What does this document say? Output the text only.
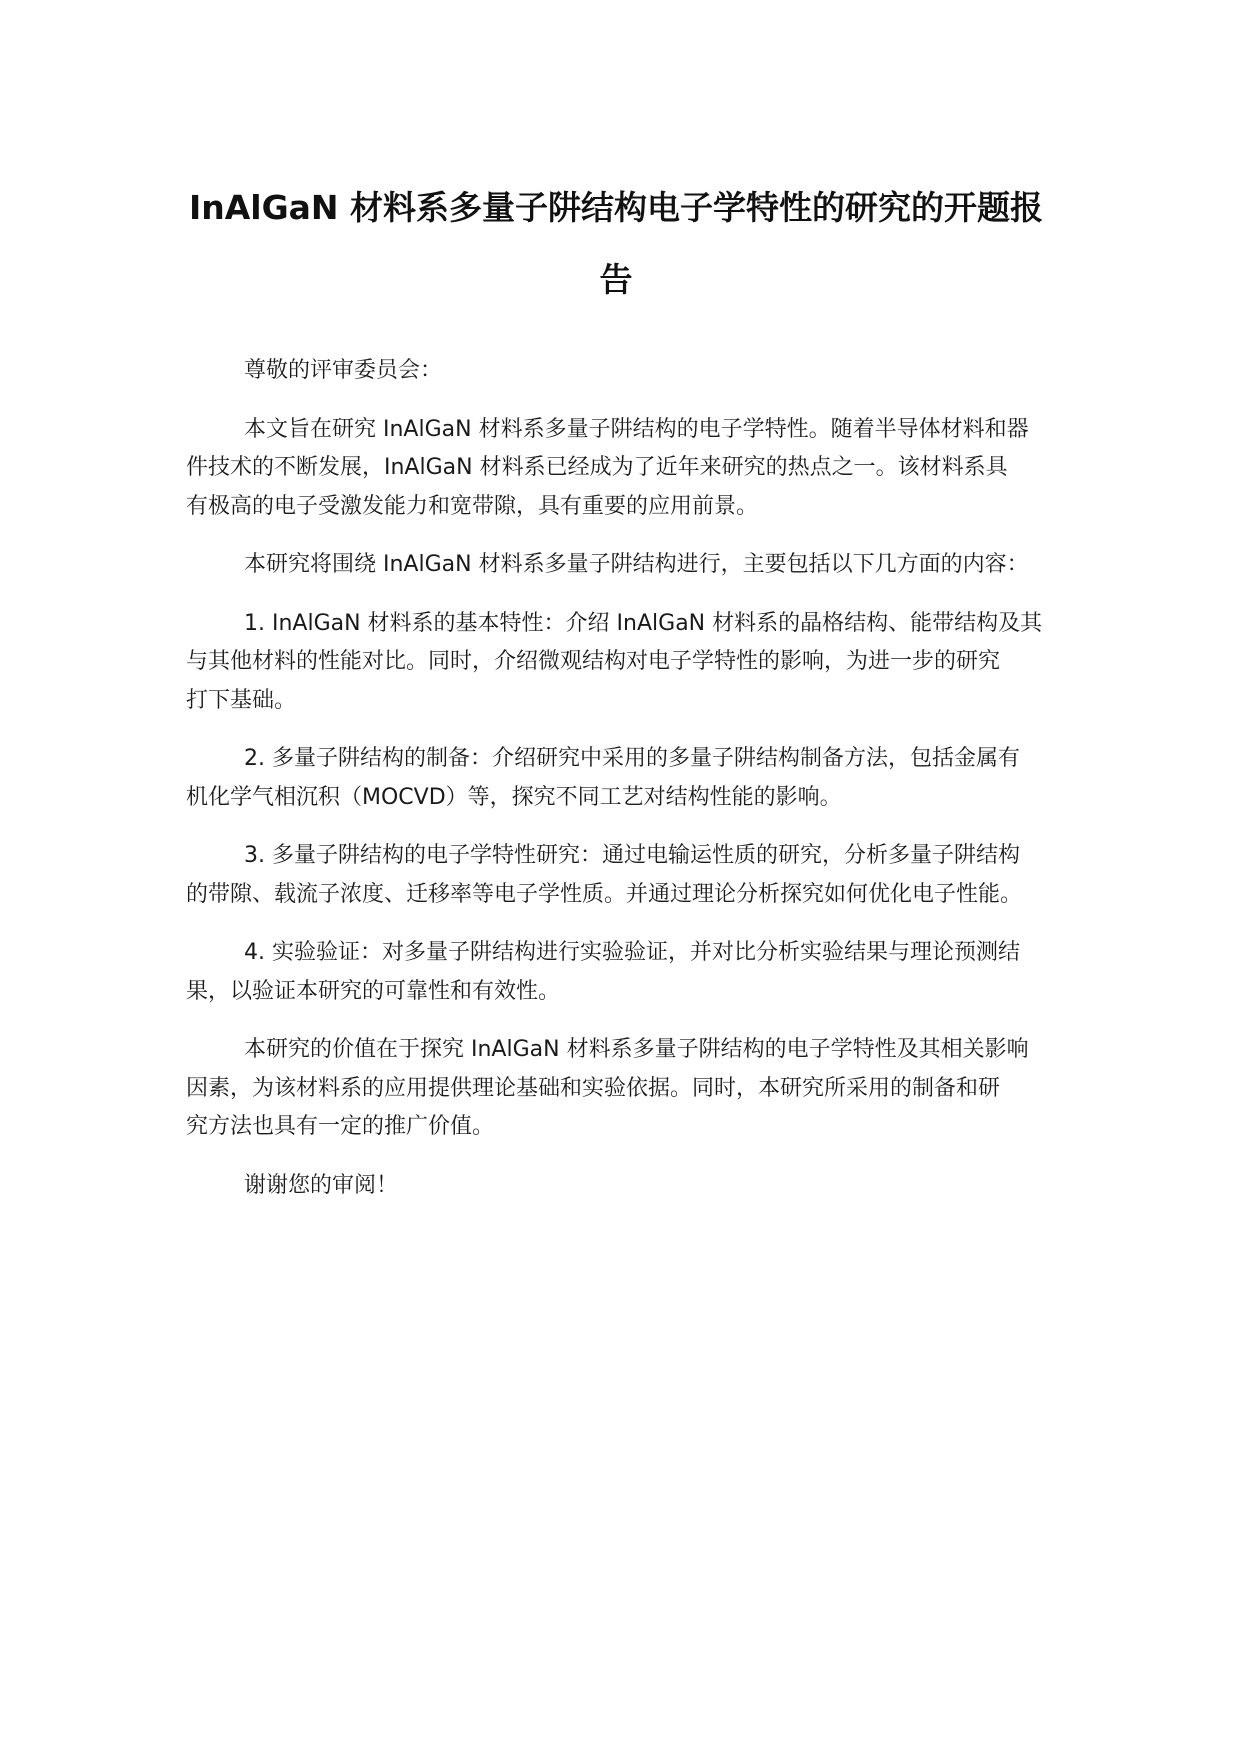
InAlGaN 材料系多量子阱结构电子学特性的研究的开题报告

尊敬的评审委员会：

本文旨在研究 InAlGaN 材料系多量子阱结构的电子学特性。随着半导体材料和器
件技术的不断发展，InAlGaN 材料系已经成为了近年来研究的热点之一。该材料系具
有极高的电子受激发能力和宽带隙，具有重要的应用前景。

本研究将围绕 InAlGaN 材料系多量子阱结构进行，主要包括以下几方面的内容：

1. InAlGaN 材料系的基本特性：介绍 InAlGaN 材料系的晶格结构、能带结构及其
与其他材料的性能对比。同时，介绍微观结构对电子学特性的影响，为进一步的研究
打下基础。

2. 多量子阱结构的制备：介绍研究中采用的多量子阱结构制备方法，包括金属有
机化学气相沉积（MOCVD）等，探究不同工艺对结构性能的影响。

3. 多量子阱结构的电子学特性研究：通过电输运性质的研究，分析多量子阱结构
的带隙、载流子浓度、迁移率等电子学性质。并通过理论分析探究如何优化电子性能。

4. 实验验证：对多量子阱结构进行实验验证，并对比分析实验结果与理论预测结
果，以验证本研究的可靠性和有效性。

本研究的价值在于探究 InAlGaN 材料系多量子阱结构的电子学特性及其相关影响
因素，为该材料系的应用提供理论基础和实验依据。同时，本研究所采用的制备和研
究方法也具有一定的推广价值。

谢谢您的审阅！
